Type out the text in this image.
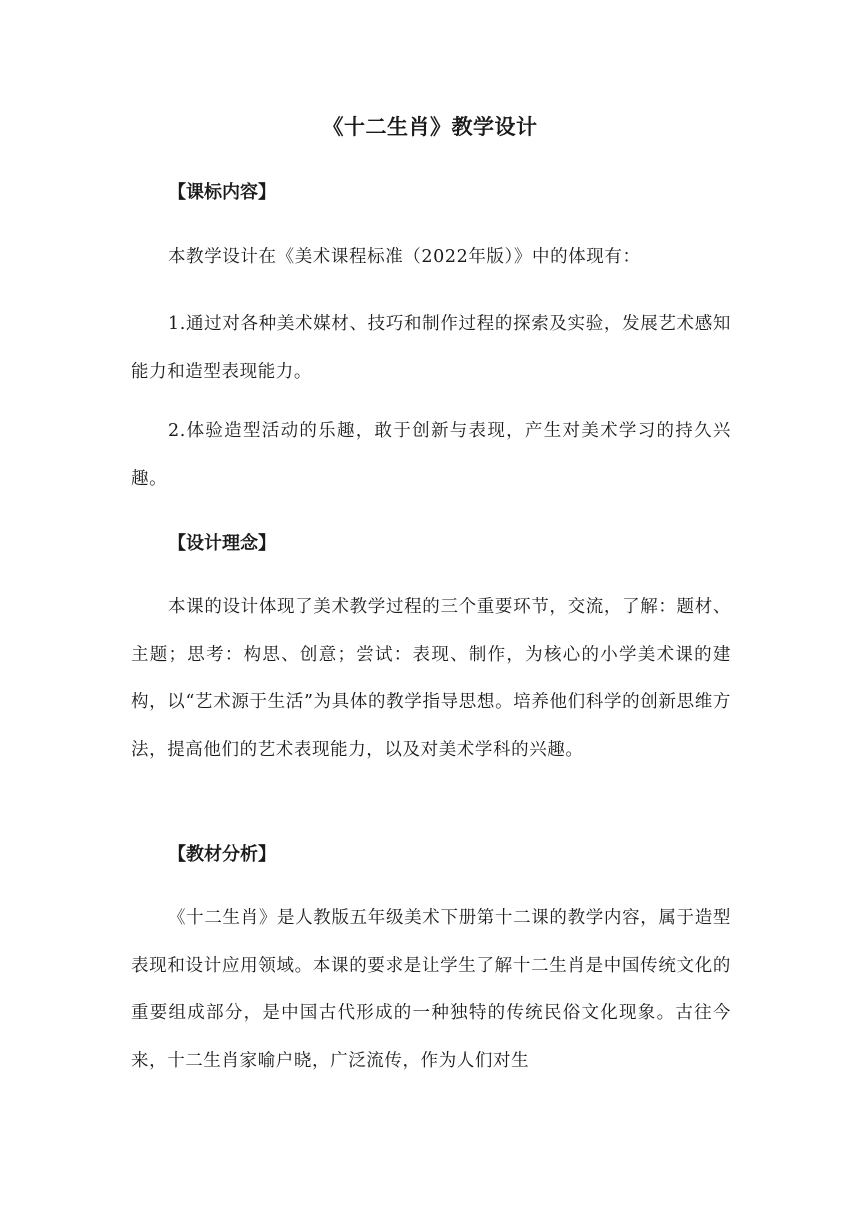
《十二生肖》教学设计
【课标内容】

本教学设计在《美术课程标准（2022年版）》中的体现有：

1.通过对各种美术媒材、技巧和制作过程的探索及实验，发展艺术感知能力和造型表现能力。

2.体验造型活动的乐趣，敢于创新与表现，产生对美术学习的持久兴趣。

【设计理念】

本课的设计体现了美术教学过程的三个重要环节，交流，了解：题材、主题；思考：构思、创意；尝试：表现、制作，为核心的小学美术课的建构，以“艺术源于生活”为具体的教学指导思想。培养他们科学的创新思维方法，提高他们的艺术表现能力，以及对美术学科的兴趣。

【教材分析】

《十二生肖》是人教版五年级美术下册第十二课的教学内容，属于造型表现和设计应用领域。本课的要求是让学生了解十二生肖是中国传统文化的重要组成部分，是中国古代形成的一种独特的传统民俗文化现象。古往今来，十二生肖家喻户晓，广泛流传，作为人们对生
